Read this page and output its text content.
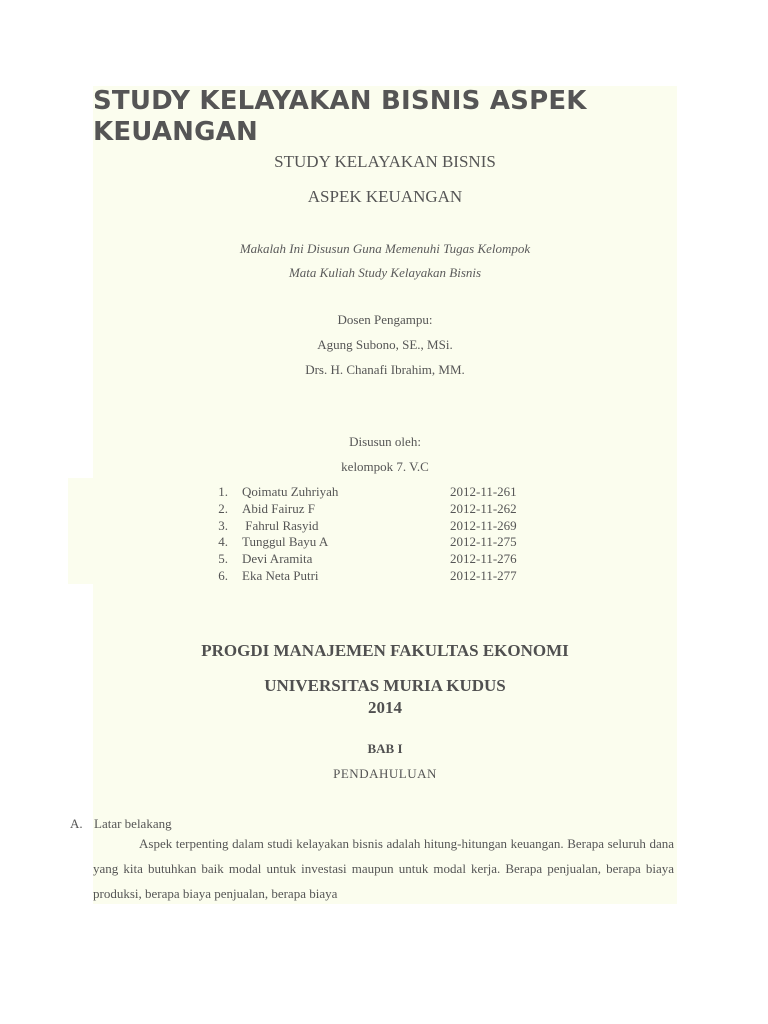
STUDY KELAYAKAN BISNIS ASPEK KEUANGAN
STUDY KELAYAKAN BISNIS
ASPEK KEUANGAN
Makalah Ini Disusun Guna Memenuhi Tugas Kelompok
Mata Kuliah Study Kelayakan Bisnis
Dosen Pengampu:
Agung Subono, SE., MSi.
Drs. H. Chanafi Ibrahim, MM.
Disusun oleh:
kelompok 7. V.C
1. Qoimatu Zuhriyah	2012-11-261
2. Abid Fairuz F	2012-11-262
3. Fahrul Rasyid	2012-11-269
4. Tunggul Bayu A	2012-11-275
5. Devi Aramita	2012-11-276
6. Eka Neta Putri	2012-11-277
PROGDI MANAJEMEN FAKULTAS EKONOMI
UNIVERSITAS MURIA KUDUS
2014
BAB I
PENDAHULUAN
A. Latar belakang

Aspek terpenting dalam studi kelayakan bisnis adalah hitung-hitungan keuangan. Berapa seluruh dana yang kita butuhkan baik modal untuk investasi maupun untuk modal kerja. Berapa penjualan, berapa biaya produksi, berapa biaya penjualan, berapa biaya
